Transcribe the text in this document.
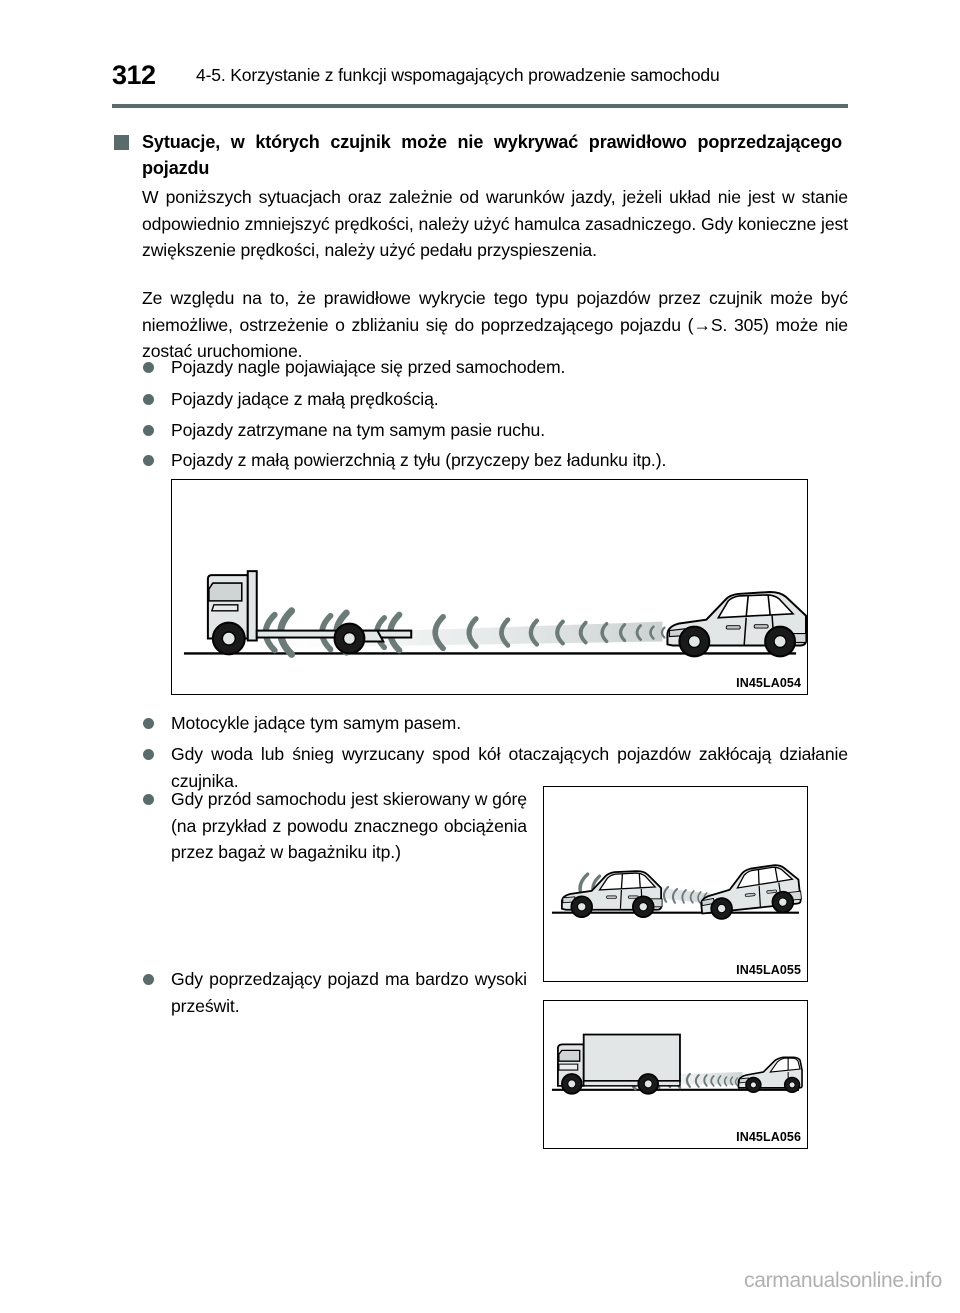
312 4-5. Korzystanie z funkcji wspomagających prowadzenie samochodu
Sytuacje, w których czujnik może nie wykrywać prawidłowo poprzedzającego pojazdu
W poniższych sytuacjach oraz zależnie od warunków jazdy, jeżeli układ nie jest w stanie odpowiednio zmniejszyć prędkości, należy użyć hamulca zasadniczego. Gdy konieczne jest zwiększenie prędkości, należy użyć pedału przyspieszenia.
Ze względu na to, że prawidłowe wykrycie tego typu pojazdów przez czujnik może być niemożliwe, ostrzeżenie o zbliżaniu się do poprzedzającego pojazdu (→S. 305) może nie zostać uruchomione.
Pojazdy nagle pojawiające się przed samochodem.
Pojazdy jadące z małą prędkością.
Pojazdy zatrzymane na tym samym pasie ruchu.
Pojazdy z małą powierzchnią z tyłu (przyczepy bez ładunku itp.).
IN45LA054
Motocykle jadące tym samym pasem.
Gdy woda lub śnieg wyrzucany spod kół otaczających pojazdów zakłócają działanie czujnika.
Gdy przód samochodu jest skierowany w górę (na przykład z powodu znacznego obciążenia przez bagaż w bagażniku itp.)
Gdy poprzedzający pojazd ma bardzo wysoki prześwit.
IN45LA055
IN45LA056
carmanualsonline.info
